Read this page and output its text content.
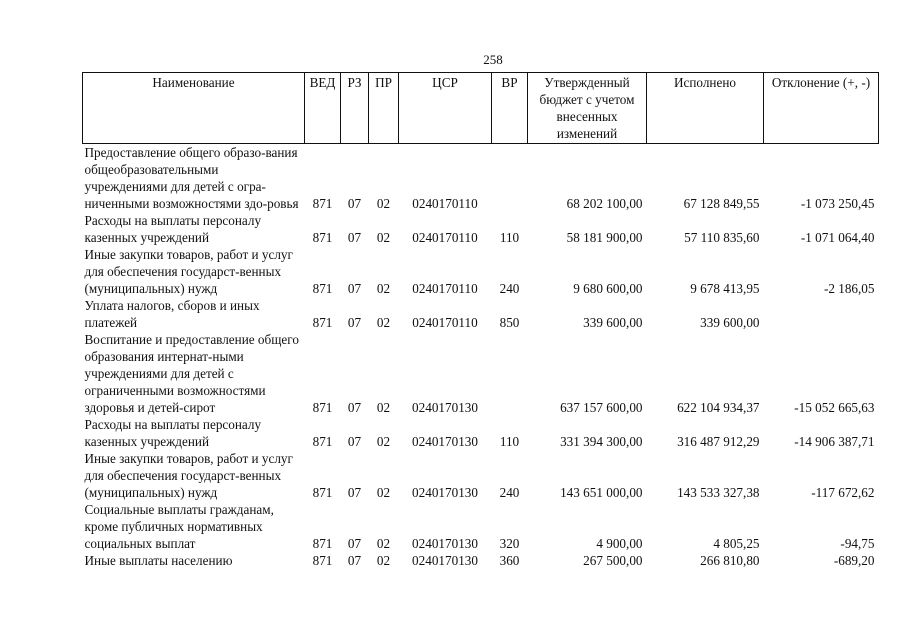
258
Наименование	ВЕД	РЗ	ПР	ЦСР	ВР	Утвержденный бюджет с учетом внесенных изменений	Исполнено	Отклонение (+, -)
Предоставление общего образо-вания общеобразовательными учреждениями для детей с огра-ниченными возможностями здо-ровья	871	07	02	0240170110		68 202 100,00	67 128 849,55	-1 073 250,45
Расходы на выплаты персоналу казенных учреждений	871	07	02	0240170110	110	58 181 900,00	57 110 835,60	-1 071 064,40
Иные закупки товаров, работ и услуг для обеспечения государст-венных (муниципальных) нужд	871	07	02	0240170110	240	9 680 600,00	9 678 413,95	-2 186,05
Уплата налогов, сборов и иных платежей	871	07	02	0240170110	850	339 600,00	339 600,00	
Воспитание и предоставление общего образования интернат-ными учреждениями для детей с ограниченными возможностями здоровья и детей-сирот	871	07	02	0240170130		637 157 600,00	622 104 934,37	-15 052 665,63
Расходы на выплаты персоналу казенных учреждений	871	07	02	0240170130	110	331 394 300,00	316 487 912,29	-14 906 387,71
Иные закупки товаров, работ и услуг для обеспечения государст-венных (муниципальных) нужд	871	07	02	0240170130	240	143 651 000,00	143 533 327,38	-117 672,62
Социальные выплаты гражданам, кроме публичных нормативных социальных выплат	871	07	02	0240170130	320	4 900,00	4 805,25	-94,75
Иные выплаты населению	871	07	02	0240170130	360	267 500,00	266 810,80	-689,20
